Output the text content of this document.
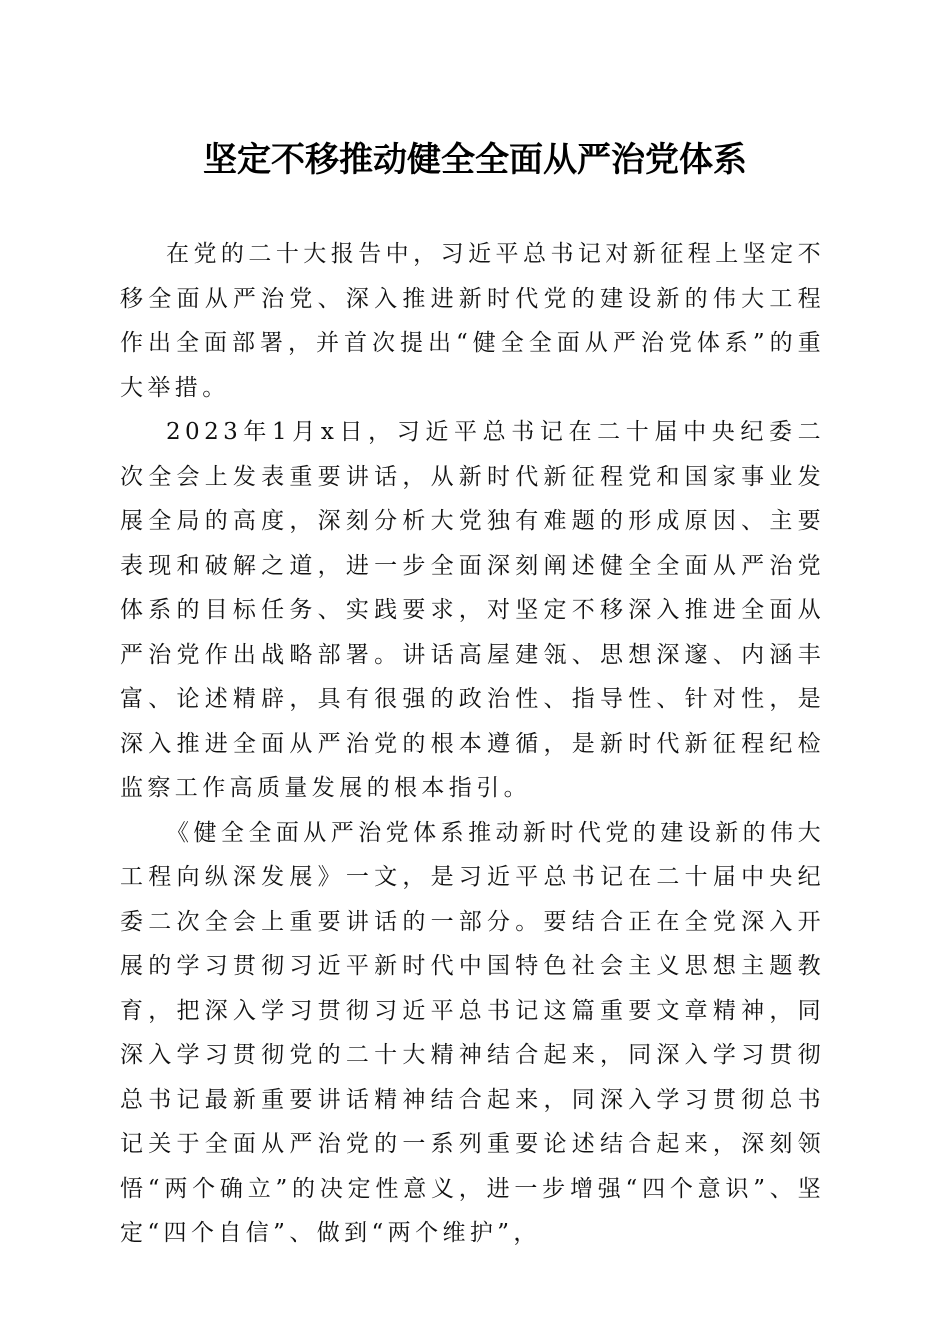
坚定不移推动健全全面从严治党体系

在党的二十大报告中，习近平总书记对新征程上坚定不移全面从严治党、深入推进新时代党的建设新的伟大工程作出全面部署，并首次提出“健全全面从严治党体系”的重大举措。

2023年1月x日，习近平总书记在二十届中央纪委二次全会上发表重要讲话，从新时代新征程党和国家事业发展全局的高度，深刻分析大党独有难题的形成原因、主要表现和破解之道，进一步全面深刻阐述健全全面从严治党体系的目标任务、实践要求，对坚定不移深入推进全面从严治党作出战略部署。讲话高屋建瓴、思想深邃、内涵丰富、论述精辟，具有很强的政治性、指导性、针对性，是深入推进全面从严治党的根本遵循，是新时代新征程纪检监察工作高质量发展的根本指引。

《健全全面从严治党体系推动新时代党的建设新的伟大工程向纵深发展》一文，是习近平总书记在二十届中央纪委二次全会上重要讲话的一部分。要结合正在全党深入开展的学习贯彻习近平新时代中国特色社会主义思想主题教育，把深入学习贯彻习近平总书记这篇重要文章精神，同深入学习贯彻党的二十大精神结合起来，同深入学习贯彻总书记最新重要讲话精神结合起来，同深入学习贯彻总书记关于全面从严治党的一系列重要论述结合起来，深刻领悟“两个确立”的决定性意义，进一步增强“四个意识”、坚定“四个自信”、做到“两个维护”，
